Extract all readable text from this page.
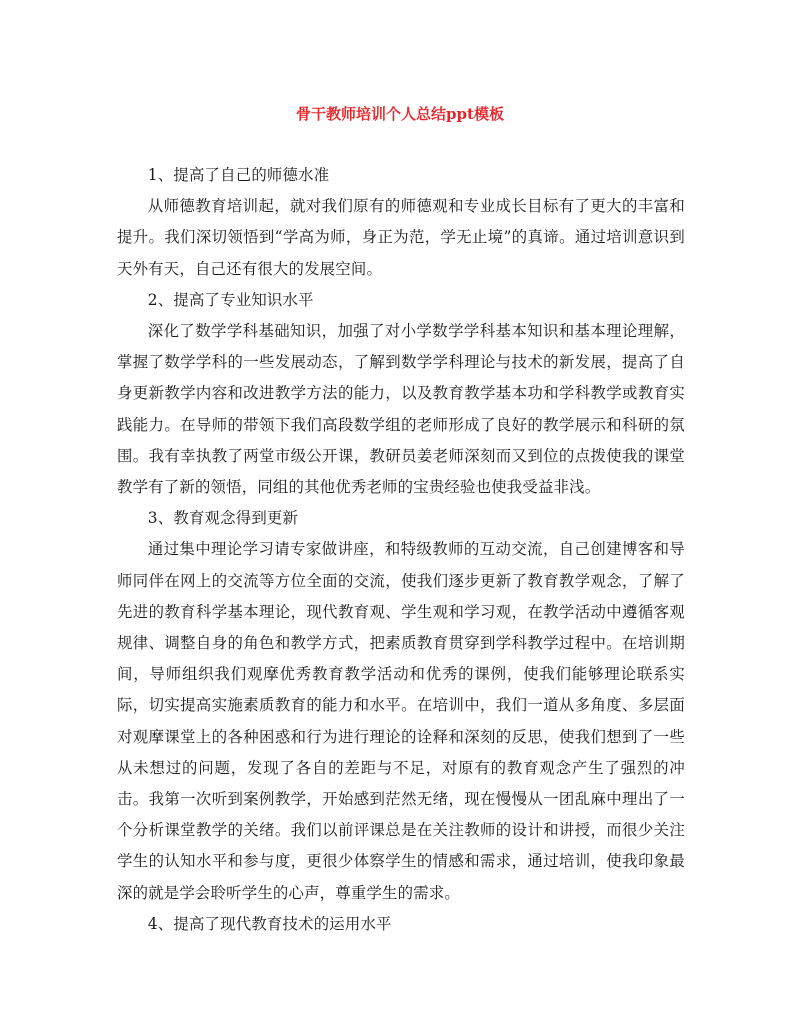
骨干教师培训个人总结ppt模板

1、提高了自己的师德水准

从师德教育培训起，就对我们原有的师德观和专业成长目标有了更大的丰富和提升。我们深切领悟到“学高为师，身正为范，学无止境”的真谛。通过培训意识到天外有天，自己还有很大的发展空间。

2、提高了专业知识水平

深化了数学学科基础知识，加强了对小学数学学科基本知识和基本理论理解，掌握了数学学科的一些发展动态，了解到数学学科理论与技术的新发展，提高了自身更新教学内容和改进教学方法的能力，以及教育教学基本功和学科教学或教育实践能力。在导师的带领下我们高段数学组的老师形成了良好的教学展示和科研的氛围。我有幸执教了两堂市级公开课，教研员姜老师深刻而又到位的点拨使我的课堂教学有了新的领悟，同组的其他优秀老师的宝贵经验也使我受益非浅。

3、教育观念得到更新

通过集中理论学习请专家做讲座，和特级教师的互动交流，自己创建博客和导师同伴在网上的交流等方位全面的交流，使我们逐步更新了教育教学观念，了解了先进的教育科学基本理论，现代教育观、学生观和学习观，在教学活动中遵循客观规律、调整自身的角色和教学方式，把素质教育贯穿到学科教学过程中。在培训期间，导师组织我们观摩优秀教育教学活动和优秀的课例，使我们能够理论联系实际，切实提高实施素质教育的能力和水平。在培训中，我们一道从多角度、多层面对观摩课堂上的各种困惑和行为进行理论的诠释和深刻的反思，使我们想到了一些从未想过的问题，发现了各自的差距与不足，对原有的教育观念产生了强烈的冲击。我第一次听到案例教学，开始感到茫然无绪，现在慢慢从一团乱麻中理出了一个分析课堂教学的关绪。我们以前评课总是在关注教师的设计和讲授，而很少关注学生的认知水平和参与度，更很少体察学生的情感和需求，通过培训，使我印象最深的就是学会聆听学生的心声，尊重学生的需求。

4、提高了现代教育技术的运用水平
